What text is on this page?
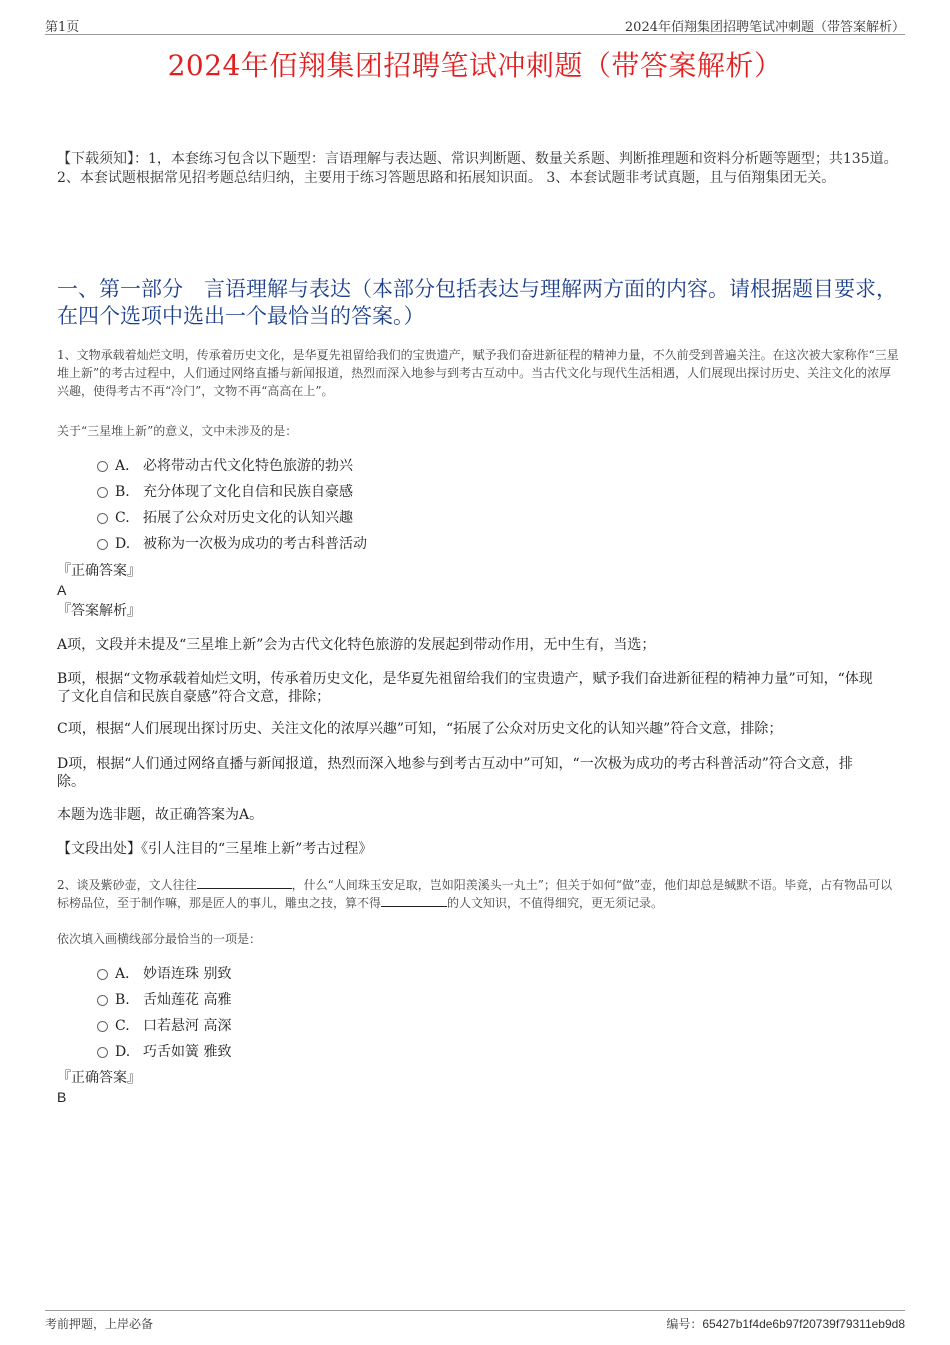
第1页	2024年佰翔集团招聘笔试冲刺题（带答案解析）
2024年佰翔集团招聘笔试冲刺题（带答案解析）
【下载须知】：1，本套练习包含以下题型：言语理解与表达题、常识判断题、数量关系题、判断推理题和资料分析题等题型；共135道。 2、本套试题根据常见招考题总结归纳，主要用于练习答题思路和拓展知识面。 3、本套试题非考试真题，且与佰翔集团无关。
一、第一部分　言语理解与表达（本部分包括表达与理解两方面的内容。请根据题目要求，在四个选项中选出一个最恰当的答案。）
1、文物承载着灿烂文明，传承着历史文化，是华夏先祖留给我们的宝贵遗产，赋予我们奋进新征程的精神力量，不久前受到普遍关注。在这次被大家称作“三星堆上新”的考古过程中，人们通过网络直播与新闻报道，热烈而深入地参与到考古互动中。当古代文化与现代生活相遇，人们展现出探讨历史、关注文化的浓厚兴趣，使得考古不再“冷门”，文物不再“高高在上”。
关于“三星堆上新”的意义，文中未涉及的是：
A． 必将带动古代文化特色旅游的勃兴
B. 充分体现了文化自信和民族自豪感
C. 拓展了公众对历史文化的认知兴趣
D. 被称为一次极为成功的考古科普活动
『正确答案』
A
『答案解析』
A项，文段并未提及“三星堆上新”会为古代文化特色旅游的发展起到带动作用，无中生有，当选；
B项，根据“文物承载着灿烂文明，传承着历史文化，是华夏先祖留给我们的宝贵遗产，赋予我们奋进新征程的精神力量”可知，“体现了文化自信和民族自豪感”符合文意，排除；
C项，根据“人们展现出探讨历史、关注文化的浓厚兴趣”可知，“拓展了公众对历史文化的认知兴趣”符合文意，排除；
D项，根据“人们通过网络直播与新闻报道，热烈而深入地参与到考古互动中”可知，“一次极为成功的考古科普活动”符合文意，排除。
本题为选非题，故正确答案为A。
【文段出处】《引人注目的“三星堆上新”考古过程》
2、谈及紫砂壶，文人往往	，什么“人间珠玉安足取，岂如阳羡溪头一丸土”；但关于如何“做”壶，他们却总是缄默不语。毕竟，占有物品可以标榜品位，至于制作嘛，那是匠人的事儿，雕虫之技，算不得	的人文知识，不值得细究，更无须记录。
依次填入画横线部分最恰当的一项是：
A． 妙语连珠 别致
B. 舌灿莲花 高雅
C. 口若悬河 高深
D. 巧舌如簧 雅致
『正确答案』
B
考前押题，上岸必备	编号：65427b1f4de6b97f20739f79311eb9d8
